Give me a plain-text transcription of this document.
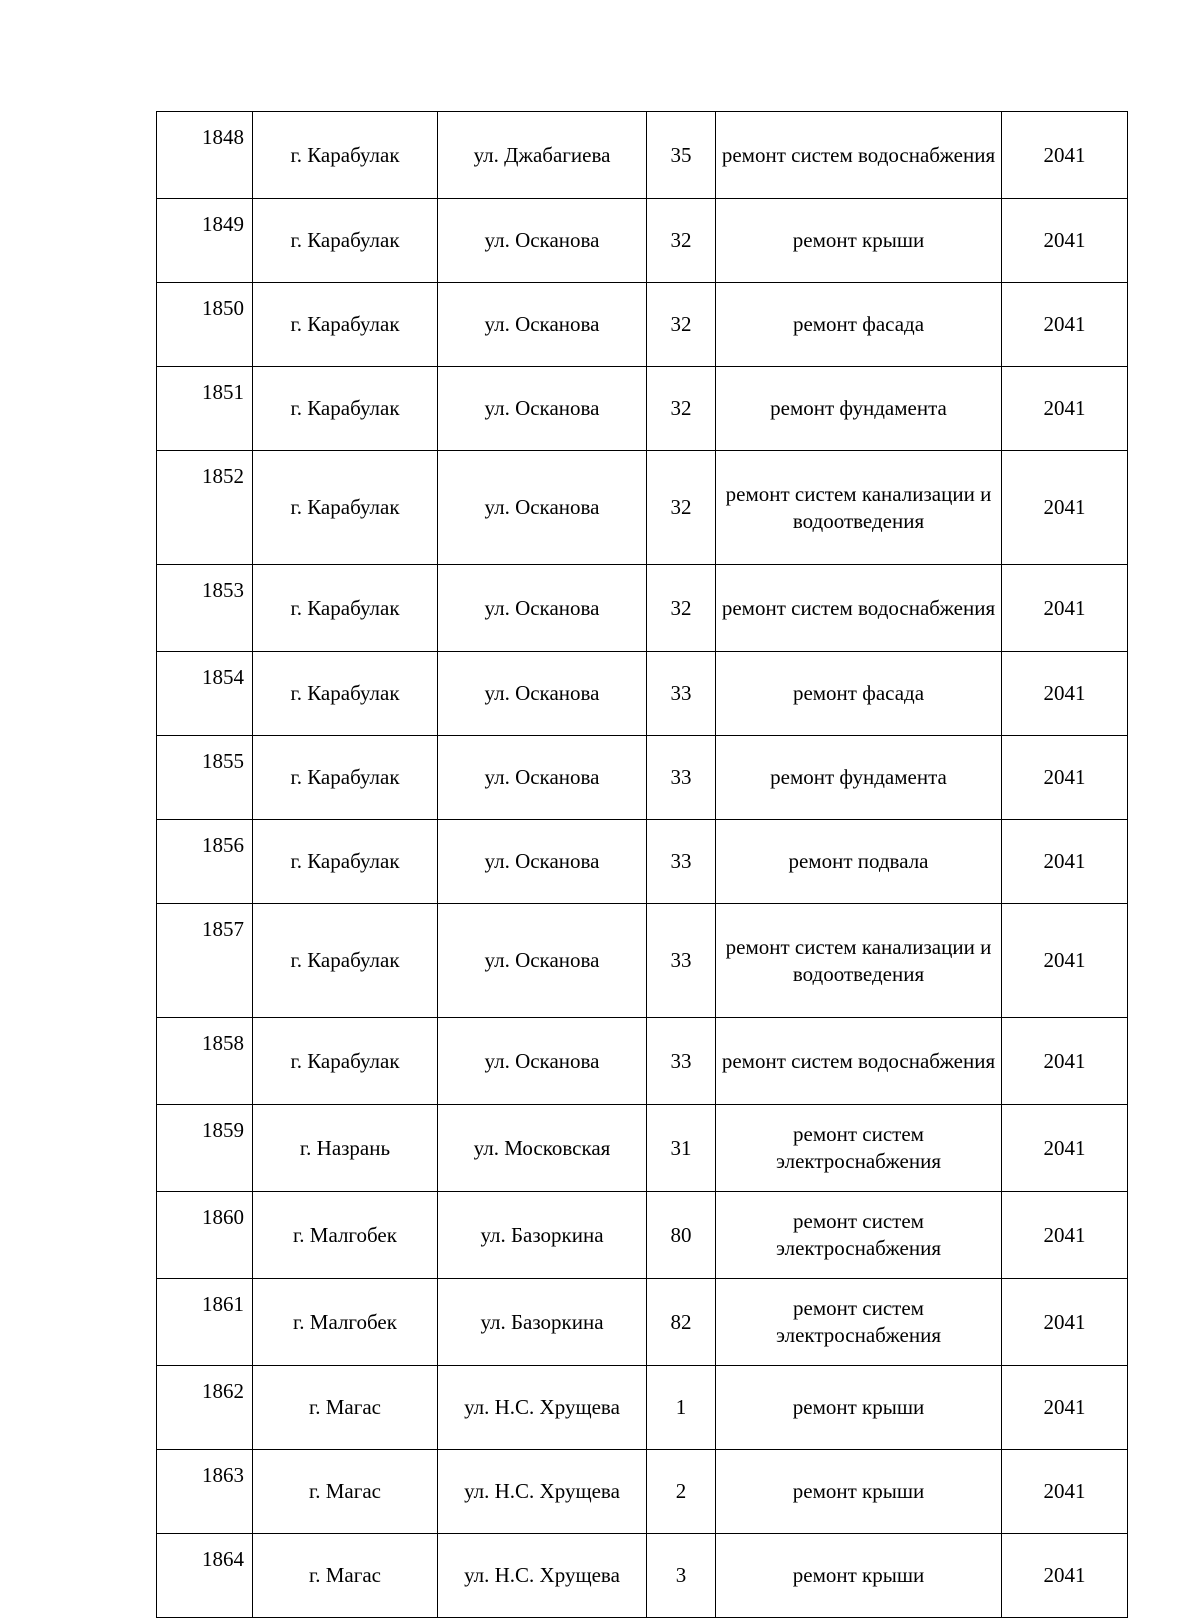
1848	г. Карабулак	ул. Джабагиева	35	ремонт систем водоснабжения	2041
1849	г. Карабулак	ул. Осканова	32	ремонт крыши	2041
1850	г. Карабулак	ул. Осканова	32	ремонт фасада	2041
1851	г. Карабулак	ул. Осканова	32	ремонт фундамента	2041
1852	г. Карабулак	ул. Осканова	32	ремонт систем канализации и водоотведения	2041
1853	г. Карабулак	ул. Осканова	32	ремонт систем водоснабжения	2041
1854	г. Карабулак	ул. Осканова	33	ремонт фасада	2041
1855	г. Карабулак	ул. Осканова	33	ремонт фундамента	2041
1856	г. Карабулак	ул. Осканова	33	ремонт подвала	2041
1857	г. Карабулак	ул. Осканова	33	ремонт систем канализации и водоотведения	2041
1858	г. Карабулак	ул. Осканова	33	ремонт систем водоснабжения	2041
1859	г. Назрань	ул. Московская	31	ремонт систем электроснабжения	2041
1860	г. Малгобек	ул. Базоркина	80	ремонт систем электроснабжения	2041
1861	г. Малгобек	ул. Базоркина	82	ремонт систем электроснабжения	2041
1862	г. Магас	ул. Н.С. Хрущева	1	ремонт крыши	2041
1863	г. Магас	ул. Н.С. Хрущева	2	ремонт крыши	2041
1864	г. Магас	ул. Н.С. Хрущева	3	ремонт крыши	2041
